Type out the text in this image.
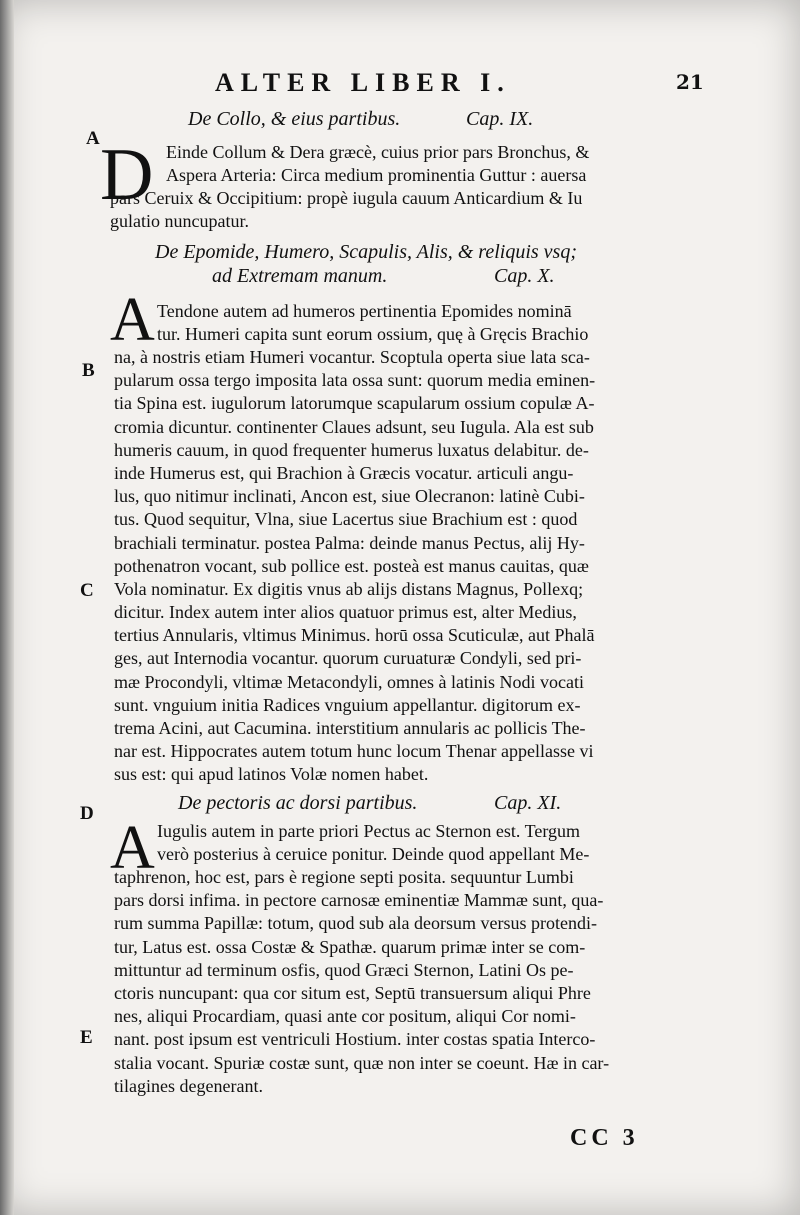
ALTER LIBER I.	21
A
B
C
D
E
De Collo, & eius partibus.	Cap. IX.
D Einde Collum & Dera græcè, cuius prior pars Bronchus, &
Aspera Arteria: Circa medium prominentia Guttur : auersa
pars Ceruix & Occipitium: propè iugula cauum Anticardium & Iu
gulatio nuncupatur.
De Epomide, Humero, Scapulis, Alis, & reliquis vsq;
ad Extremam manum.	Cap. X.
A Tendone autem ad humeros pertinentia Epomides nominā
tur. Humeri capita sunt eorum ossium, quę à Gręcis Brachio
na, à nostris etiam Humeri vocantur. Scoptula operta siue lata sca-
pularum ossa tergo imposita lata ossa sunt: quorum media eminen-
tia Spina est. iugulorum latorumque scapularum ossium copulæ A-
cromia dicuntur. continenter Claues adsunt, seu Iugula. Ala est sub
humeris cauum, in quod frequenter humerus luxatus delabitur. de-
inde Humerus est, qui Brachion à Græcis vocatur. articuli angu-
lus, quo nitimur inclinati, Ancon est, siue Olecranon: latinè Cubi-
tus. Quod sequitur, Vlna, siue Lacertus siue Brachium est : quod
brachiali terminatur. postea Palma: deinde manus Pectus, alij Hy-
pothenatron vocant, sub pollice est. posteà est manus cauitas, quæ
Vola nominatur. Ex digitis vnus ab alijs distans Magnus, Pollexq;
dicitur. Index autem inter alios quatuor primus est, alter Medius,
tertius Annularis, vltimus Minimus. horū ossa Scuticulæ, aut Phalā
ges, aut Internodia vocantur. quorum curuaturæ Condyli, sed pri-
mæ Procondyli, vltimæ Metacondyli, omnes à latinis Nodi vocati
sunt. vnguium initia Radices vnguium appellantur. digitorum ex-
trema Acini, aut Cacumina. interstitium annularis ac pollicis The-
nar est. Hippocrates autem totum hunc locum Thenar appellasse vi
sus est: qui apud latinos Volæ nomen habet.
De pectoris ac dorsi partibus.	Cap. XI.
A Iugulis autem in parte priori Pectus ac Sternon est. Tergum
verò posterius à ceruice ponitur. Deinde quod appellant Me-
taphrenon, hoc est, pars è regione septi posita. sequuntur Lumbi
pars dorsi infima. in pectore carnosæ eminentiæ Mammæ sunt, qua-
rum summa Papillæ: totum, quod sub ala deorsum versus protendi-
tur, Latus est. ossa Costæ & Spathæ. quarum primæ inter se com-
mittuntur ad terminum osfis, quod Græci Sternon, Latini Os pe-
ctoris nuncupant: qua cor situm est, Septū transuersum aliqui Phre
nes, aliqui Procardiam, quasi ante cor positum, aliqui Cor nomi-
nant. post ipsum est ventriculi Hostium. inter costas spatia Interco-
stalia vocant. Spuriæ costæ sunt, quæ non inter se coeunt. Hæ in car-
tilagines degenerant.
CC 3
